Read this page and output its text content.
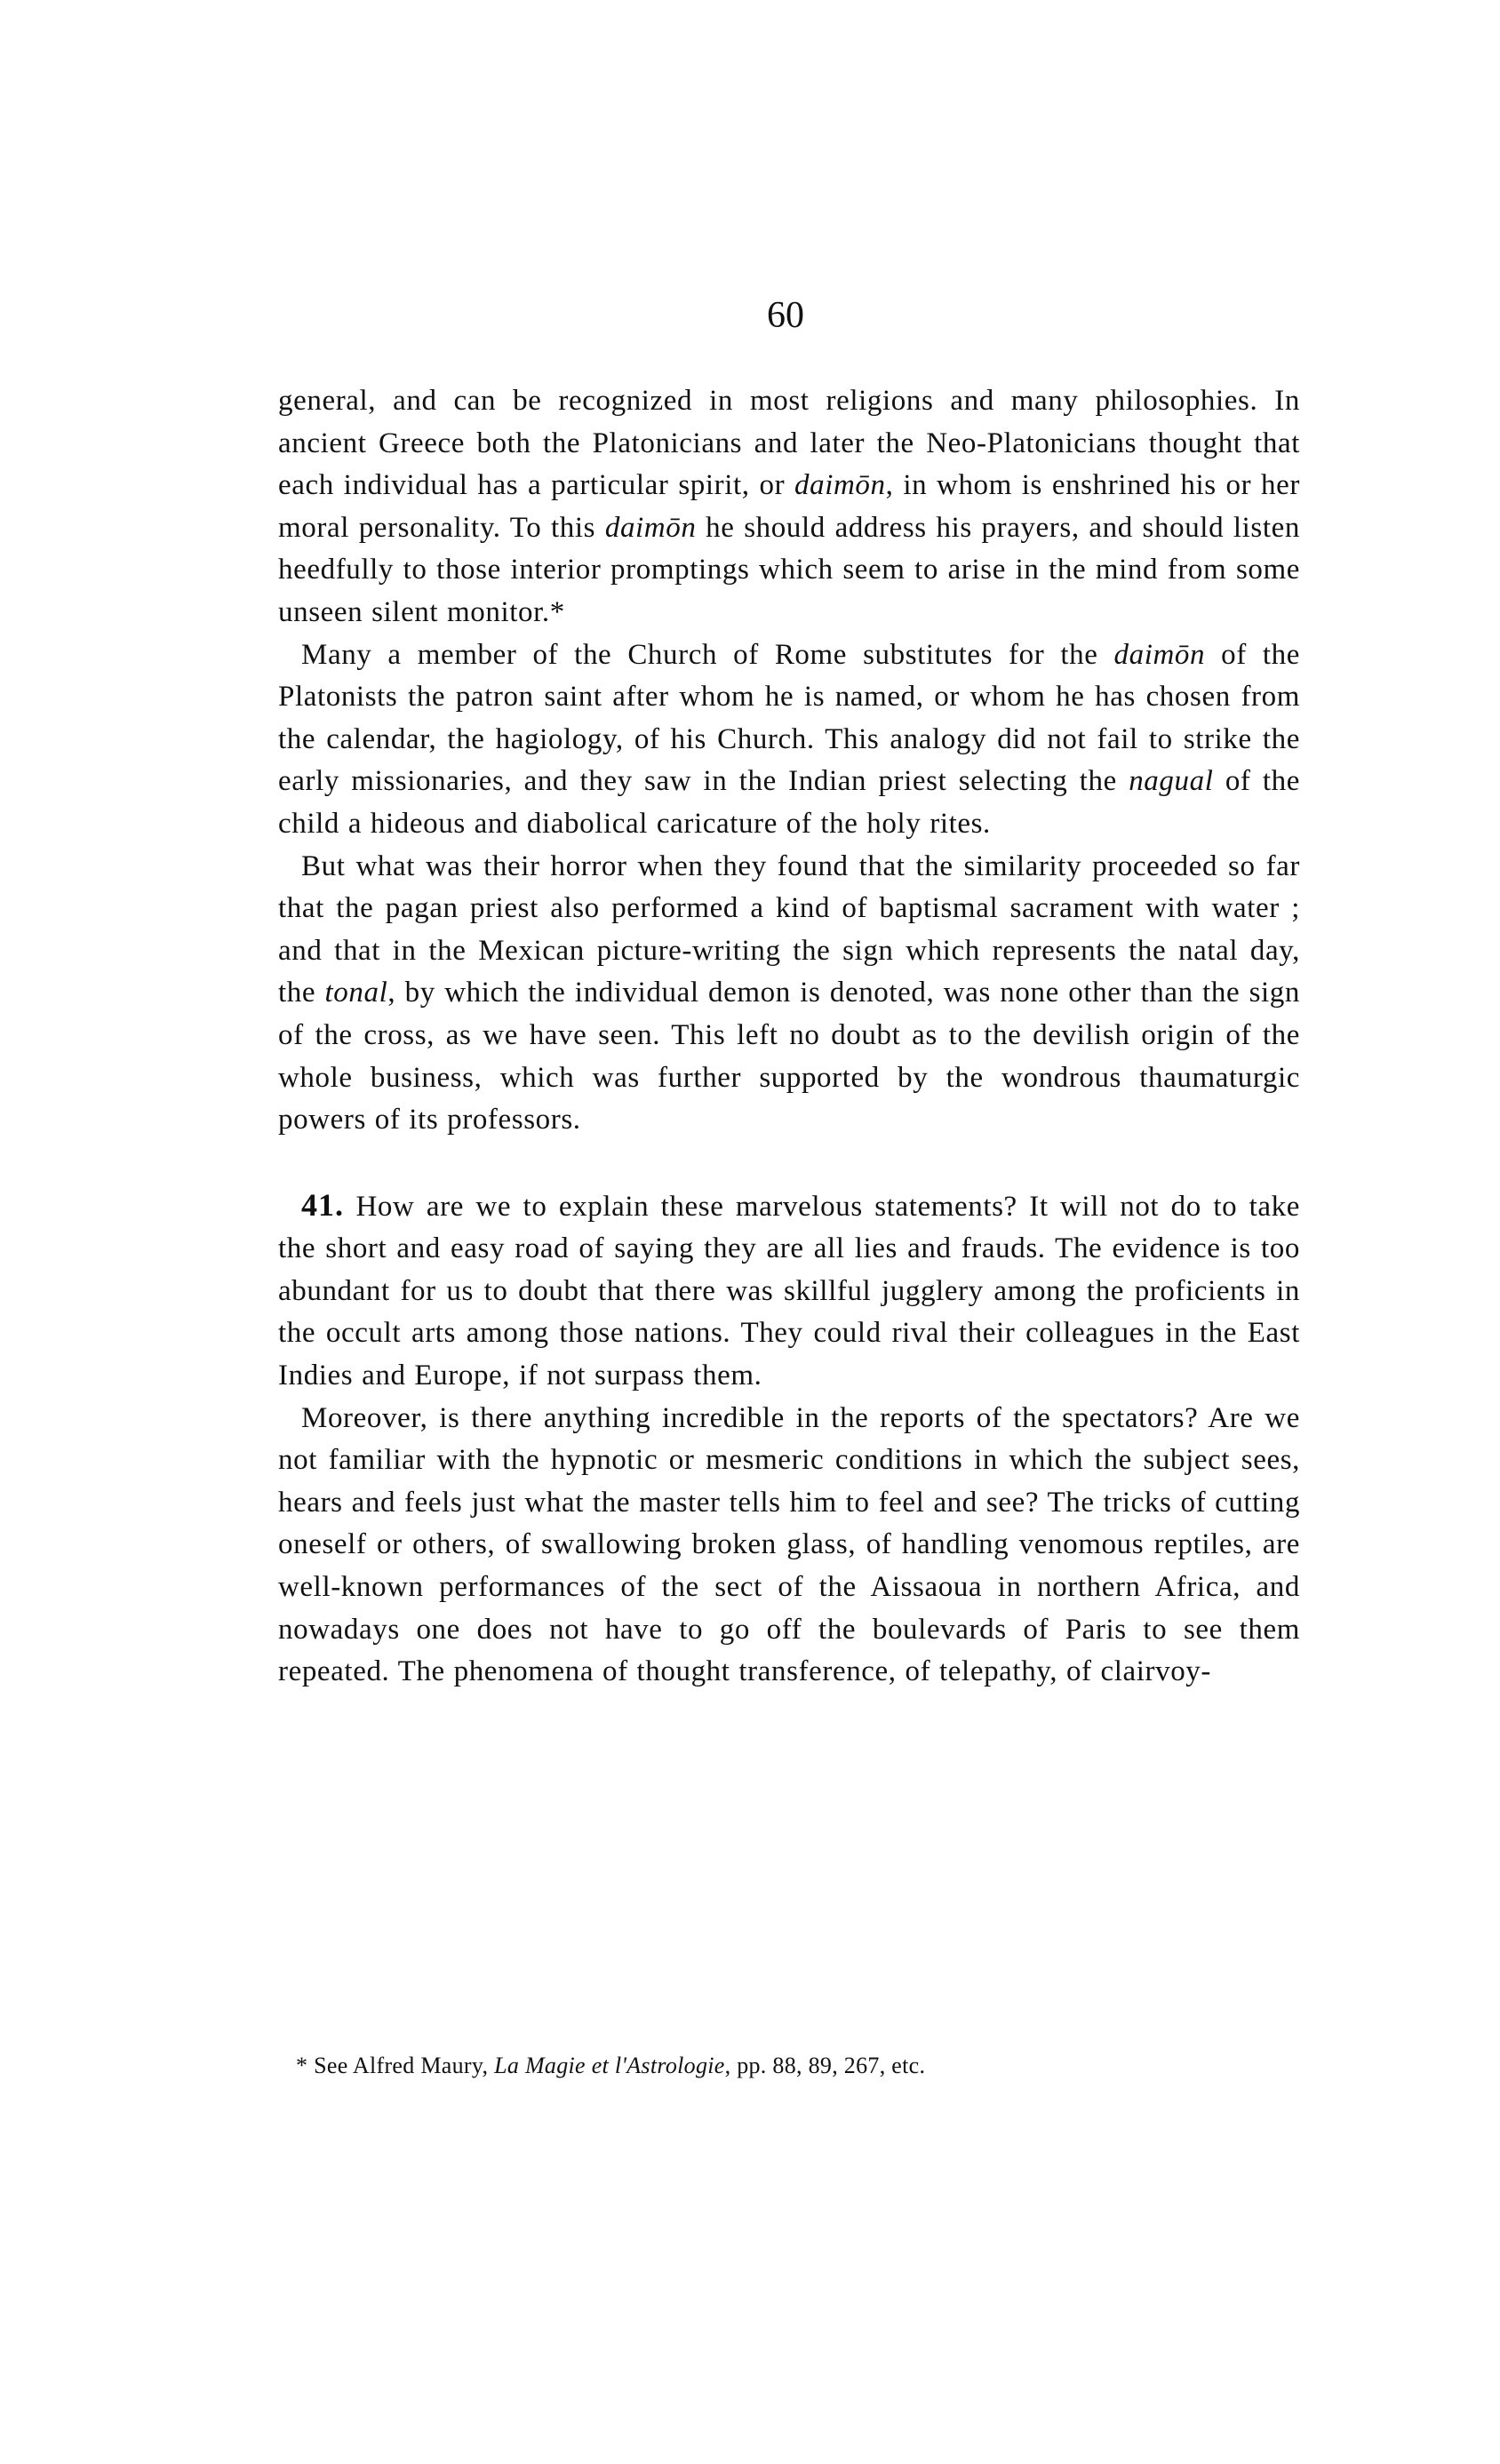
60

general, and can be recognized in most religions and many philosophies. In ancient Greece both the Platonicians and later the Neo-Platonicians thought that each individual has a particular spirit, or daimōn, in whom is enshrined his or her moral personality. To this daimōn he should address his prayers, and should listen heedfully to those interior promptings which seem to arise in the mind from some unseen silent monitor.*

Many a member of the Church of Rome substitutes for the daimōn of the Platonists the patron saint after whom he is named, or whom he has chosen from the calendar, the hagiology, of his Church. This analogy did not fail to strike the early missionaries, and they saw in the Indian priest selecting the nagual of the child a hideous and diabolical caricature of the holy rites.

But what was their horror when they found that the similarity proceeded so far that the pagan priest also performed a kind of baptismal sacrament with water ; and that in the Mexican picture-writing the sign which represents the natal day, the tonal, by which the individual demon is denoted, was none other than the sign of the cross, as we have seen. This left no doubt as to the devilish origin of the whole business, which was further supported by the wondrous thaumaturgic powers of its professors.

41. How are we to explain these marvelous statements? It will not do to take the short and easy road of saying they are all lies and frauds. The evidence is too abundant for us to doubt that there was skillful jugglery among the proficients in the occult arts among those nations. They could rival their colleagues in the East Indies and Europe, if not surpass them.

Moreover, is there anything incredible in the reports of the spectators? Are we not familiar with the hypnotic or mesmeric conditions in which the subject sees, hears and feels just what the master tells him to feel and see? The tricks of cutting oneself or others, of swallowing broken glass, of handling venomous reptiles, are well-known performances of the sect of the Aissaoua in northern Africa, and nowadays one does not have to go off the boulevards of Paris to see them repeated. The phenomena of thought transference, of telepathy, of clairvoy-

* See Alfred Maury, La Magie et l'Astrologie, pp. 88, 89, 267, etc.
